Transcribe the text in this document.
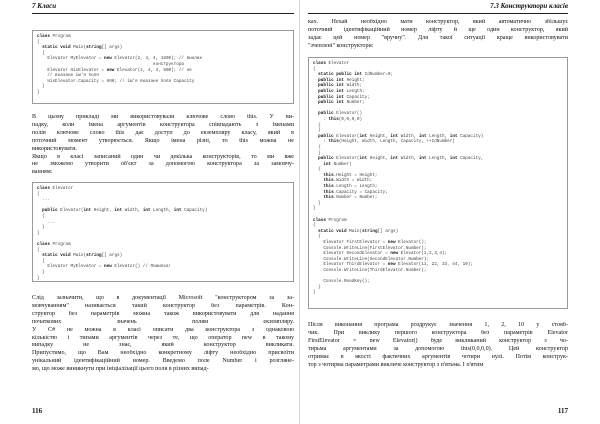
7 Класи
class Program
{
static void Main(string[] args)
{
Elevator MyElevator = new Elevator(2, 4, 4, 1800); // виклик
конструктора
Elevator HisElevator = new Elevator(2, 4, 4, 800); // не
// вказане ім'я поля
HisElevator.Capacity = 600; // ім'я вказане поля Capacity
}
}
В цьому прикладі ми використовували ключове слово this. У ви-
падку, коли імена аргументів конструктора співпадають з іменами
полів ключове слово this дає доступ до екземпляру класу, який в
поточний момент утворюється. Якщо імена різні, то this можна не
використовувати.
Якщо в класі записаний один чи декілька конструкторів, то ми вже
не зможемо утворити об'єкт за допомогою конструктора за замовчу-
ванням:
class Elevator
{
...

public Elevator(int Height, int Width, int Length, int Capacity)
{
...
}
}

class Program
{
static void Main(string[] args)
{
Elevator MyElevator = new Elevator() // Помилка!
}
}
Слід зазначити, що в документації Microsoft "конструктором за за-
мовчуванням" називається такий конструктор без параметрів. Кон-
структор без параметрів можна також використовувати для надання
початкових значень полям екземпляру.
У C# не можна в класі описати два конструктора з однаковою
кількістю і типами аргументів через те, що оператор new в такому
випадку не знає, який конструктор викликати.
Припустимо, що Вам необхідно конкретному ліфту необхідно присвоїти
унікальний ідентифікаційний номер. Введемо поле Number і розгляне-
мо, що може виникнути при ініціалізації цього поля в різних випад-
116
7.3 Конструктори класів
ках. Нехай необхідно мати конструктор, який автоматично збільшує
поточний ідентифікаційний номер ліфту й ще один конструктор, який
задає цей номер "вручну". Для такої ситуації краще використовувати
"зчеплені" конструктори:
class Elevator
{
static public int IdNumber=0;
public int Height;
public int Width;
public int Length;
public int Capacity;
public int Number;

public Elevator()
: this(0,0,0,0)
{
}
public Elevator(int Height, int Width, int Length, int Capacity)
: this(Height, Width, Length, Capacity, ++IdNumber)
{
}
public Elevator(int Height, int Width, int Length, int Capacity,
int Number)
{
this.Height = Height;
this.Width = Width;
this.Length = Length;
this.Capacity = Capacity;
this.Number = Number;
}
}

class Program
{
static void Main(string[] args)
{
Elevator FirstElevator = new Elevator();
Console.WriteLine(FirstElevator.Number);
Elevator SecondElevator = new Elevator(1,2,3,4);
Console.WriteLine(SecondElevator.Number);
Elevator ThirdElevator = new Elevator(11, 22, 33, 44, 10);
Console.WriteLine(ThirdElevator.Number);

Console.ReadKey();
}
}
Після виконання програма роздрукує значення 1, 2, 10 у стовб-
чик. При виклику першого конструктора без параметрів Elevator
FirstElevator = new Elevator() буде викликаний конструктор з чо-
тирьма аргументами за допомогою this(0,0,0,0). Цей конструктор
отримає в якості фактичних аргументів чотири нулі. Потім конструк-
тор з чотирма параметрами викличе конструктор з п'ятьма. І п'ятим
117
